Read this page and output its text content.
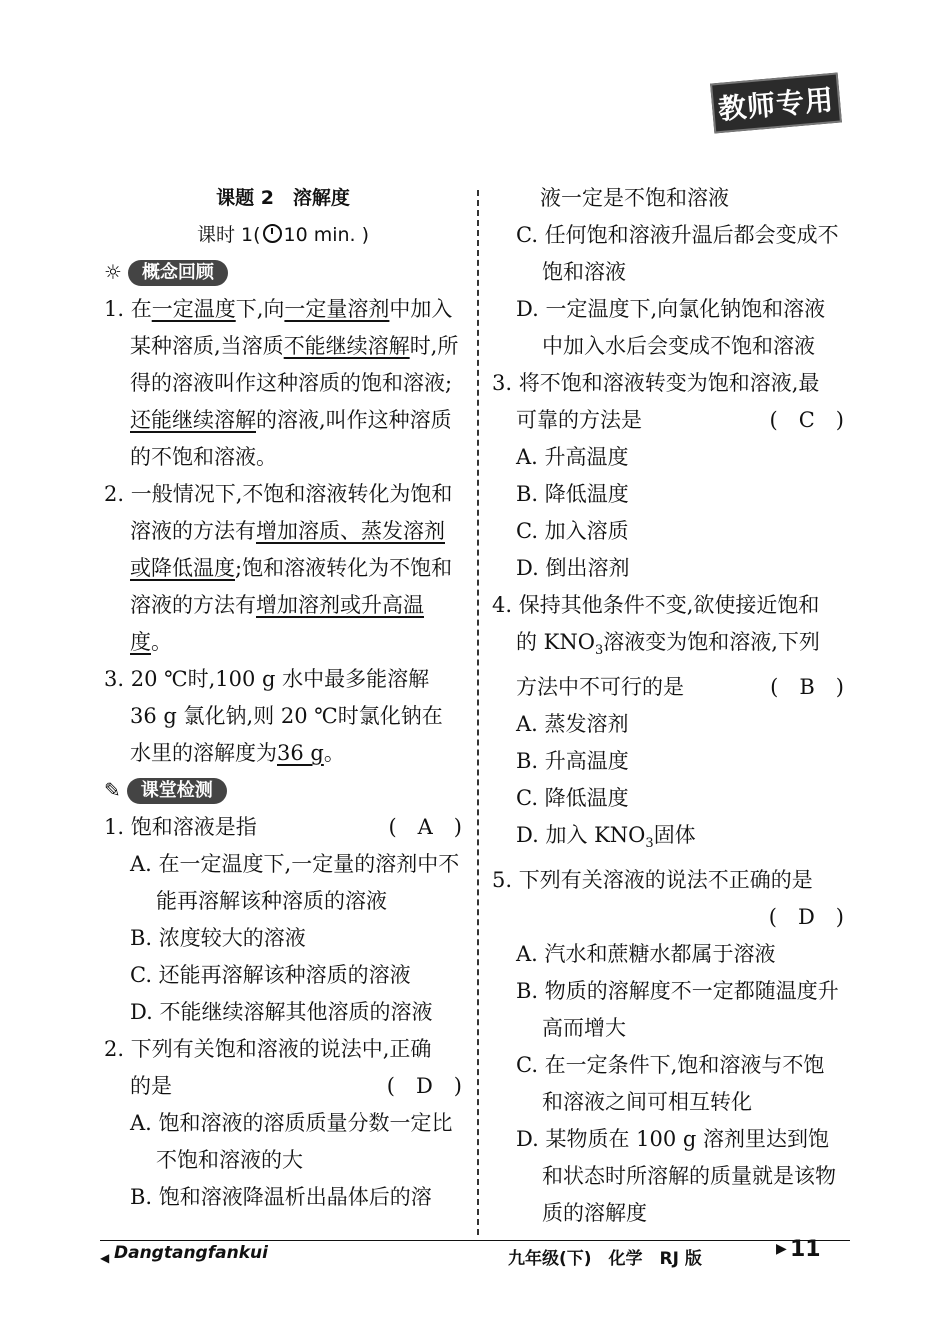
教师专用
课题 2　溶解度
课时 1( 10 min. )
☼	概念回顾
1. 在一定温度下,向一定量溶剂中加入某种溶质,当溶质不能继续溶解时,所得的溶液叫作这种溶质的饱和溶液;还能继续溶解的溶液,叫作这种溶质的不饱和溶液。
2. 一般情况下,不饱和溶液转化为饱和溶液的方法有增加溶质、蒸发溶剂或降低温度;饱和溶液转化为不饱和溶液的方法有增加溶剂或升高温度。
3. 20 ℃时,100 g 水中最多能溶解 36 g 氯化钠,则 20 ℃时氯化钠在水里的溶解度为36 g。
✎	课堂检测
1. 饱和溶液是指	(　A　)
A. 在一定温度下,一定量的溶剂中不能再溶解该种溶质的溶液
B. 浓度较大的溶液
C. 还能再溶解该种溶质的溶液
D. 不能继续溶解其他溶质的溶液
2. 下列有关饱和溶液的说法中,正确
的是	(　D　)
A. 饱和溶液的溶质质量分数一定比不饱和溶液的大
B. 饱和溶液降温析出晶体后的溶
液一定是不饱和溶液
C. 任何饱和溶液升温后都会变成不饱和溶液
D. 一定温度下,向氯化钠饱和溶液中加入水后会变成不饱和溶液
3. 将不饱和溶液转变为饱和溶液,最
可靠的方法是	(　C　)
A. 升高温度
B. 降低温度
C. 加入溶质
D. 倒出溶剂
4. 保持其他条件不变,欲使接近饱和
的 $KNO_3$溶液变为饱和溶液,下列
方法中不可行的是	(　B　)
A. 蒸发溶剂
B. 升高温度
C. 降低温度
D. 加入 $KNO_3$固体
5. 下列有关溶液的说法不正确的是
(　D　)
A. 汽水和蔗糖水都属于溶液
B. 物质的溶解度不一定都随温度升高而增大
C. 在一定条件下,饱和溶液与不饱和溶液之间可相互转化
D. 某物质在 100 g 溶剂里达到饱和状态时所溶解的质量就是该物质的溶解度
◀ Dangtangfankui	九年级(下)　化学　RJ 版	▶ 11
